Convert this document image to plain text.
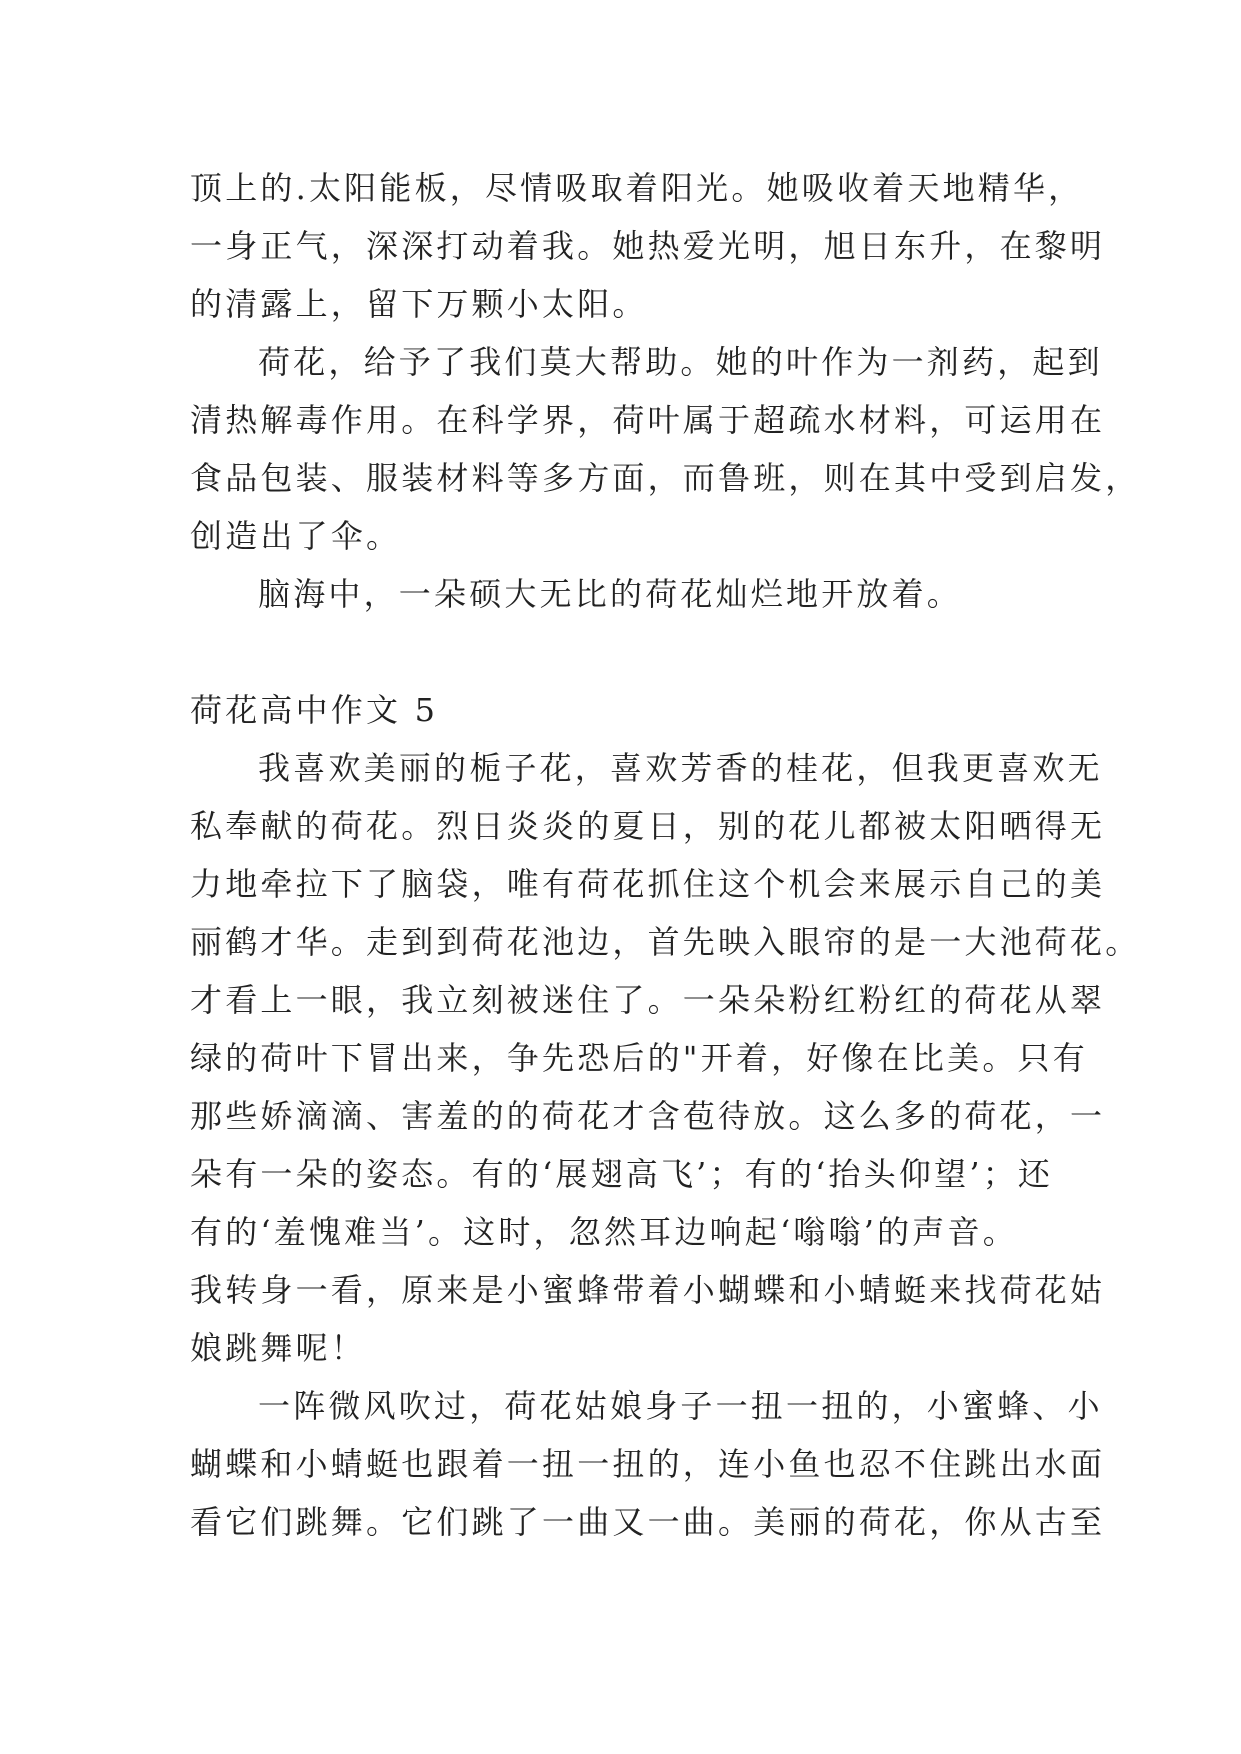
顶上的.太阳能板，尽情吸取着阳光。她吸收着天地精华，
一身正气，深深打动着我。她热爱光明，旭日东升，在黎明
的清露上，留下万颗小太阳。
荷花，给予了我们莫大帮助。她的叶作为一剂药，起到
清热解毒作用。在科学界，荷叶属于超疏水材料，可运用在
食品包装、服装材料等多方面，而鲁班，则在其中受到启发，
创造出了伞。
脑海中，一朵硕大无比的荷花灿烂地开放着。
荷花高中作文 5
我喜欢美丽的栀子花，喜欢芳香的桂花，但我更喜欢无
私奉献的荷花。烈日炎炎的夏日，别的花儿都被太阳晒得无
力地牵拉下了脑袋，唯有荷花抓住这个机会来展示自己的美
丽鹤才华。走到到荷花池边，首先映入眼帘的是一大池荷花。
才看上一眼，我立刻被迷住了。一朵朵粉红粉红的荷花从翠
绿的荷叶下冒出来，争先恐后的"开着，好像在比美。只有
那些娇滴滴、害羞的的荷花才含苞待放。这么多的荷花，一
朵有一朵的姿态。有的‘展翅高飞’；有的‘抬头仰望’；还
有的‘羞愧难当’。这时，忽然耳边响起‘嗡嗡’的声音。
我转身一看，原来是小蜜蜂带着小蝴蝶和小蜻蜓来找荷花姑
娘跳舞呢！
一阵微风吹过，荷花姑娘身子一扭一扭的，小蜜蜂、小
蝴蝶和小蜻蜓也跟着一扭一扭的，连小鱼也忍不住跳出水面
看它们跳舞。它们跳了一曲又一曲。美丽的荷花，你从古至
